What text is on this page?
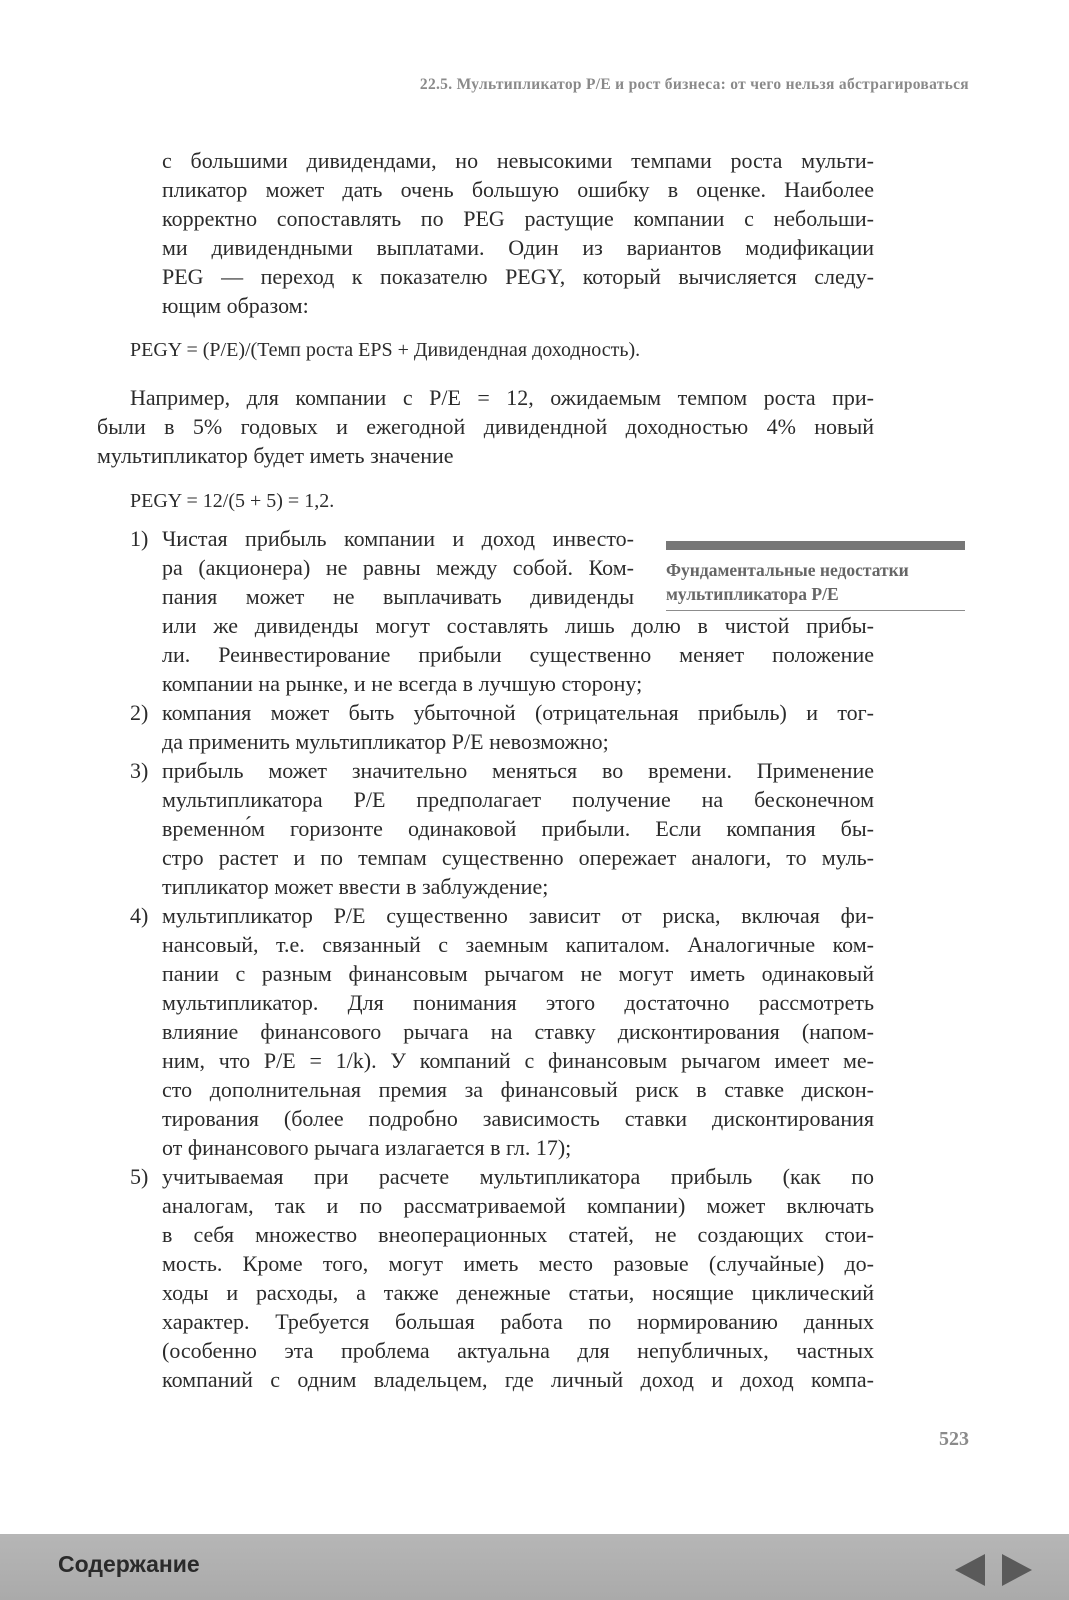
22.5. Мультипликатор P/E и рост бизнеса: от чего нельзя абстрагироваться
с большими дивидендами, но невысокими темпами роста мульти-
пликатор может дать очень большую ошибку в оценке. Наиболее
корректно сопоставлять по PEG растущие компании с небольши-
ми дивидендными выплатами. Один из вариантов модификации
PEG — переход к показателю PEGY, который вычисляется следу-
ющим образом:
PEGY = (P/E)/(Темп роста EPS + Дивидендная доходность).
Например, для компании с P/E = 12, ожидаемым темпом роста при-
были в 5% годовых и ежегодной дивидендной доходностью 4% новый
мультипликатор будет иметь значение
PEGY = 12/(5 + 5) = 1,2.
Фундаментальные недостатки
мультипликатора P/E
1) Чистая прибыль компании и доход инвесто-
ра (акционера) не равны между собой. Ком-
пания может не выплачивать дивиденды
или же дивиденды могут составлять лишь долю в чистой прибы-
ли. Реинвестирование прибыли существенно меняет положение
компании на рынке, и не всегда в лучшую сторону;
2) компания может быть убыточной (отрицательная прибыль) и тог-
да применить мультипликатор P/E невозможно;
3) прибыль может значительно меняться во времени. Применение
мультипликатора P/E предполагает получение на бесконечном
временно́м горизонте одинаковой прибыли. Если компания бы-
стро растет и по темпам существенно опережает аналоги, то муль-
типликатор может ввести в заблуждение;
4) мультипликатор P/E существенно зависит от риска, включая фи-
нансовый, т.е. связанный с заемным капиталом. Аналогичные ком-
пании с разным финансовым рычагом не могут иметь одинаковый
мультипликатор. Для понимания этого достаточно рассмотреть
влияние финансового рычага на ставку дисконтирования (напом-
ним, что P/E = 1/k). У компаний с финансовым рычагом имеет ме-
сто дополнительная премия за финансовый риск в ставке дискон-
тирования (более подробно зависимость ставки дисконтирования
от финансового рычага излагается в гл. 17);
5) учитываемая при расчете мультипликатора прибыль (как по
аналогам, так и по рассматриваемой компании) может включать
в себя множество внеоперационных статей, не создающих стои-
мость. Кроме того, могут иметь место разовые (случайные) до-
ходы и расходы, а также денежные статьи, носящие циклический
характер. Требуется большая работа по нормированию данных
(особенно эта проблема актуальна для непубличных, частных
компаний с одним владельцем, где личный доход и доход компа-
523
Содержание
